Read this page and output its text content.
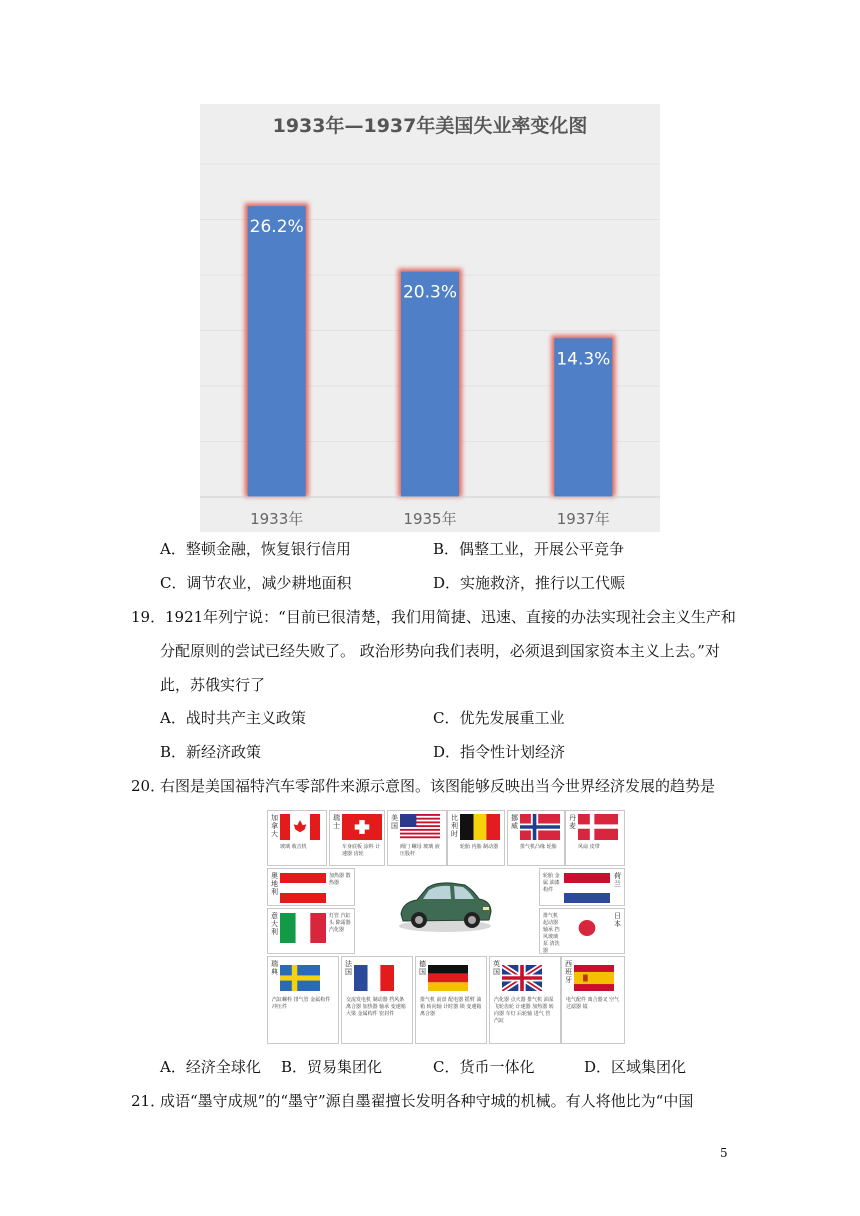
26.2%
20.3%
14.3%
1933年—1937年美国失业率变化图
1933年	1935年	1937年
A．整顿金融，恢复银行信用	B．偶整工业，开展公平竞争
C．调节农业，减少耕地面积	D．实施救济，推行以工代赈
19． 1921年列宁说：“目前已很清楚，我们用简捷、迅速、直接的办法实现社会主义生产和
分配原则的尝试已经失败了。 政治形势向我们表明，必须退到国家资本主义上去。”对
此，苏俄实行了
A．战时共产主义政策	C．优先发展重工业
B．新经济政策	D．指令性计划经济
20．
右图是美国福特汽车零部件来源示意图。该图能够反映出当今世界经济发展的趋势是
加拿大
玻璃 收音机
瑞士
车身底板 涂料 计速器 齿轮
美国
阀门 螺母 玻璃 液压股杆
比利时
轮胎 内胎 制动器
挪威
排气机凸缘 轮胎
丹麦
风扇 皮带
奥地利
加热器 散热器
荷兰
轮胎 金属 油漆 构件
意大利
灯管 汽缸头 除霜器 汽化器
日本
排气机 起动器 轴承 挡风玻璃 泵 清洗器
瑞典
汽缸螺栓 排气管 金属构件 冲压件
法国
交流发电机 制动器 挡风条 离合器 加热器 轴承 变速箱 大梁 金属构件 密封件
德国
排气机 前盘 配电器 摇臂 油箱 转向轴 计时器 锁 变速箱 离合器
英国
汽化器 点火器 排气机 油泵 飞轮齿轮 计速器 加热器 转向器 车灯 后轮轴 进气 管 汽缸
西班牙
电气配件 离合器叉 空气过滤器 镜
A．经济全球化 B．贸易集团化	C．货币一体化	D．区域集团化
21．
成语“墨守成规”的“墨守”源自墨翟擅长发明各种守城的机械。有人将他比为“中国
5
